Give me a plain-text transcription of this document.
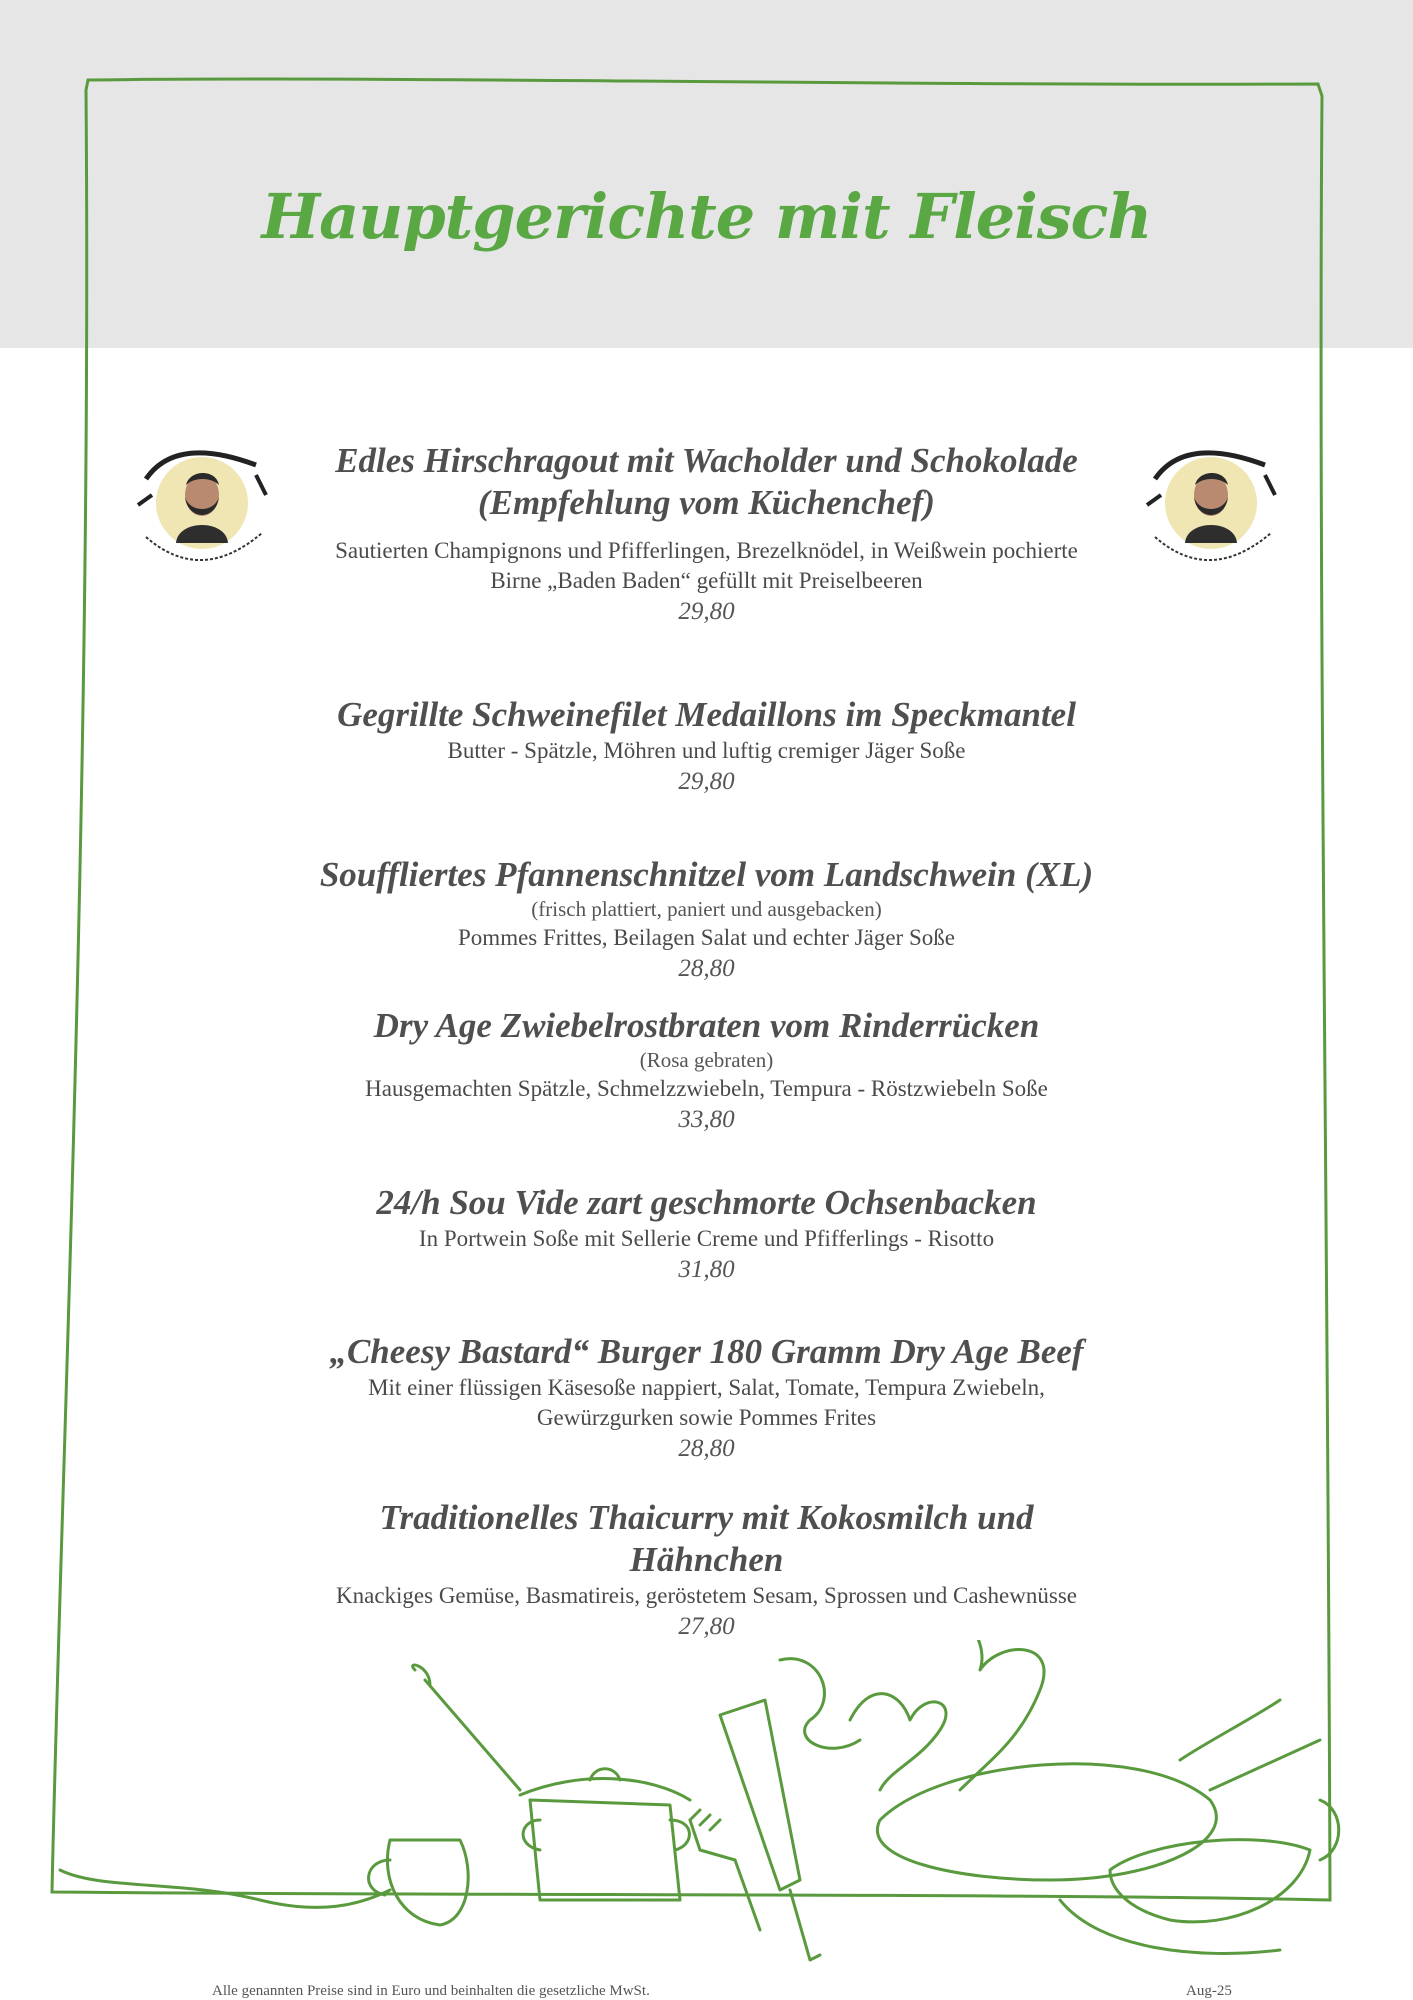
Hauptgerichte mit Fleisch
Edles Hirschragout mit Wacholder und Schokolade
(Empfehlung vom Küchenchef)
Sautierten Champignons und Pfifferlingen, Brezelknödel, in Weißwein pochierte
Birne „Baden Baden“ gefüllt mit Preiselbeeren
29,80
Gegrillte Schweinefilet Medaillons im Speckmantel
Butter - Spätzle, Möhren und luftig cremiger Jäger Soße
29,80
Souffliertes Pfannenschnitzel vom Landschwein (XL)
(frisch plattiert, paniert und ausgebacken)
Pommes Frittes, Beilagen Salat und echter Jäger Soße
28,80
Dry Age Zwiebelrostbraten vom Rinderrücken
(Rosa gebraten)
Hausgemachten Spätzle, Schmelzzwiebeln, Tempura - Röstzwiebeln Soße
33,80
24/h Sou Vide zart geschmorte Ochsenbacken
In Portwein Soße mit Sellerie Creme und Pfifferlings - Risotto
31,80
„Cheesy Bastard“ Burger 180 Gramm Dry Age Beef
Mit einer flüssigen Käsesoße nappiert, Salat, Tomate, Tempura Zwiebeln,
Gewürzgurken sowie Pommes Frites
28,80
Traditionelles Thaicurry mit Kokosmilch und
Hähnchen
Knackiges Gemüse, Basmatireis, geröstetem Sesam, Sprossen und Cashewnüsse
27,80
Alle genannten Preise sind in Euro und beinhalten die gesetzliche MwSt.	Aug-25
